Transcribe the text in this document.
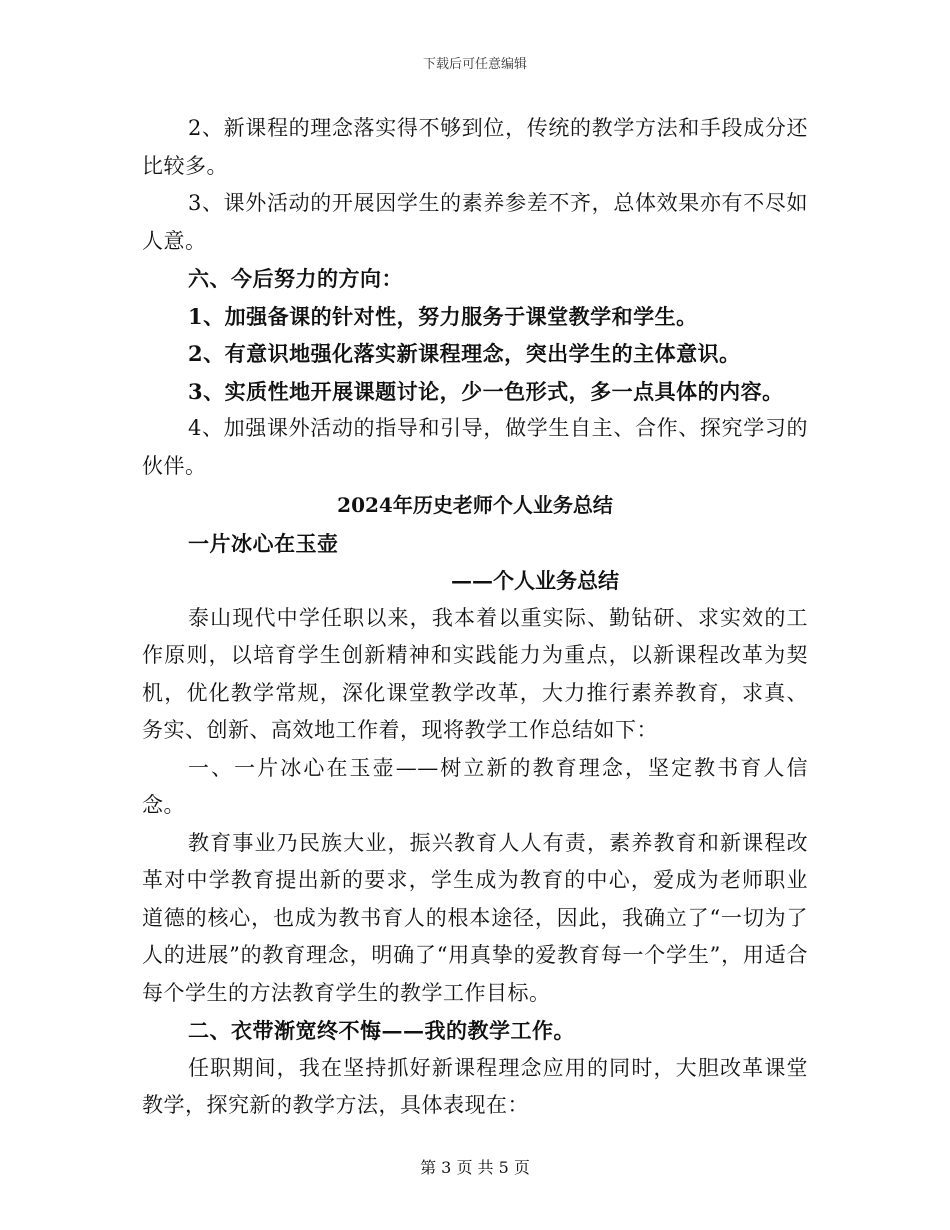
下载后可任意编辑

2、新课程的理念落实得不够到位，传统的教学方法和手段成分还比较多。

3、课外活动的开展因学生的素养参差不齐，总体效果亦有不尽如人意。

六、今后努力的方向：

1、加强备课的针对性，努力服务于课堂教学和学生。

2、有意识地强化落实新课程理念，突出学生的主体意识。

3、实质性地开展课题讨论，少一色形式，多一点具体的内容。

4、加强课外活动的指导和引导，做学生自主、合作、探究学习的伙伴。

2024年历史老师个人业务总结

一片冰心在玉壶

——个人业务总结

泰山现代中学任职以来，我本着以重实际、勤钻研、求实效的工作原则，以培育学生创新精神和实践能力为重点，以新课程改革为契机，优化教学常规，深化课堂教学改革，大力推行素养教育，求真、务实、创新、高效地工作着，现将教学工作总结如下：

一、一片冰心在玉壶——树立新的教育理念，坚定教书育人信念。

教育事业乃民族大业，振兴教育人人有责，素养教育和新课程改革对中学教育提出新的要求，学生成为教育的中心，爱成为老师职业道德的核心，也成为教书育人的根本途径，因此，我确立了“一切为了人的进展”的教育理念，明确了“用真挚的爱教育每一个学生”，用适合每个学生的方法教育学生的教学工作目标。

二、衣带渐宽终不悔——我的教学工作。

任职期间，我在坚持抓好新课程理念应用的同时，大胆改革课堂教学，探究新的教学方法，具体表现在：

第 3 页 共 5 页
